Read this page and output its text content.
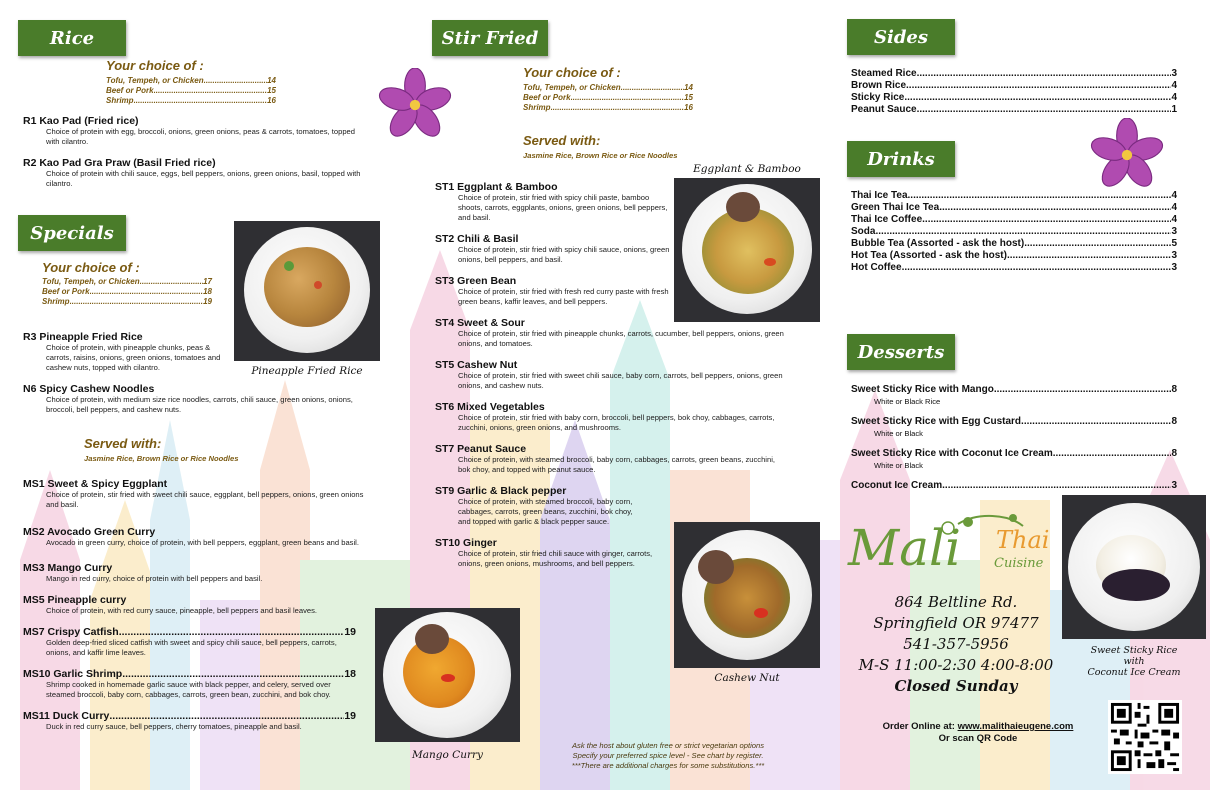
Rice
Your choice of :
Tofu, Tempeh, or Chicken .....	14
Beef or Pork .....	15
Shrimp .....	16
R1 Kao Pad (Fried rice)
Choice of protein with egg, broccoli, onions, green onions, peas & carrots, tomatoes, topped with cilantro.
R2 Kao Pad Gra Praw (Basil Fried rice)
Choice of protein with chili sauce, eggs, bell peppers, onions, green onions, basil, topped with cilantro.
Specials
Your choice of :
Tofu, Tempeh, or Chicken .....	17
Beef or Pork .....	18
Shrimp .....	19
Pineapple Fried Rice
R3 Pineapple Fried Rice
Choice of protein, with pineapple chunks, peas & carrots, raisins, onions, green onions, tomatoes and cashew nuts, topped with cilantro.
N6 Spicy Cashew Noodles
Choice of protein, with medium size rice noodles, carrots, chili sauce, green onions, onions, broccoli, bell peppers, and cashew nuts.
Served with:
Jasmine Rice, Brown Rice or Rice Noodles
MS1 Sweet & Spicy Eggplant
Choice of protein, stir fried with sweet chili sauce, eggplant, bell peppers, onions, green onions and basil.
MS2 Avocado Green Curry
Avocado in green curry, choice of protein, with bell peppers, eggplant, green beans and basil.
MS3 Mango Curry
Mango in red curry, choice of protein with bell peppers and basil.
MS5 Pineapple curry
Choice of protein, with red curry sauce, pineapple, bell peppers and basil leaves.
MS7 Crispy Catfish .....	19
Golden deep-fried sliced catfish with sweet and spicy chili sauce, bell peppers, carrots, onions, and kaffir lime leaves.
MS10 Garlic Shrimp .....	18
Shrimp cooked in homemade garlic sauce with black pepper, and celery, served over steamed broccoli, baby corn, cabbages, carrots, green bean, zucchini, and bok choy.
MS11 Duck Curry .....	19
Duck in red curry sauce, bell peppers, cherry tomatoes, pineapple and basil.
Mango Curry
Stir Fried
Your choice of :
Tofu, Tempeh, or Chicken .....	14
Beef or Pork .....	15
Shrimp .....	16
Served with:
Jasmine Rice, Brown Rice or Rice Noodles
Eggplant & Bamboo
ST1 Eggplant & Bamboo
Choice of protein, stir fried with spicy chili paste, bamboo shoots, carrots, eggplants, onions, green onions, bell peppers, and basil.
ST2 Chili & Basil
Choice of protein, stir fried with spicy chili sauce, onions, green onions, bell peppers, and basil.
ST3 Green Bean
Choice of protein, stir fried with fresh red curry paste with fresh green beans, kaffir leaves, and bell peppers.
ST4 Sweet & Sour
Choice of protein, stir fried with pineapple chunks, carrots, cucumber, bell peppers, onions, green onions, and tomatoes.
ST5 Cashew Nut
Choice of protein, stir fried with sweet chili sauce, baby corn, carrots, bell peppers, onions, green onions, and cashew nuts.
ST6 Mixed Vegetables
Choice of protein, stir fried with baby corn, broccoli, bell peppers, bok choy, cabbages, carrots, zucchini, onions, green onions, and mushrooms.
ST7 Peanut Sauce
Choice of protein, with steamed broccoli, baby corn, cabbages, carrots, green beans, zucchini, bok choy, and topped with peanut sauce.
ST9 Garlic & Black pepper
Choice of protein, with steamed broccoli, baby corn, cabbages, carrots, green beans, zucchini, bok choy, and topped with garlic & black pepper sauce.
ST10 Ginger
Choice of protein, stir fried chili sauce with ginger, carrots, onions, green onions, mushrooms, and bell peppers.
Cashew Nut
Ask the host about gluten free or strict vegetarian options
Specify your preferred spice level - See chart by register.
***There are additional charges for some substitutions.***
Sides
Steamed Rice .....	3
Brown Rice .....	4
Sticky Rice .....	4
Peanut Sauce .....	1
Drinks
Thai Ice Tea .....	4
Green Thai Ice Tea .....	4
Thai Ice Coffee .....	4
Soda .....	3
Bubble Tea (Assorted - ask the host) .....	5
Hot Tea (Assorted - ask the host) .....	3
Hot Coffee .....	3
Desserts
Sweet Sticky Rice with Mango .....	8
White or Black Rice
Sweet Sticky Rice with Egg Custard .....	8
White or Black
Sweet Sticky Rice with Coconut Ice Cream .....	8
White or Black
Coconut Ice Cream .....	3
Mali Thai
Cuisine
864 Beltline Rd.
Springfield OR 97477
541-357-5956
M-S 11:00-2:30 4:00-8:00
Closed Sunday
Order Online at: www.malithaieugene.com
Or scan QR Code
Sweet Sticky Rice
with
Coconut Ice Cream
